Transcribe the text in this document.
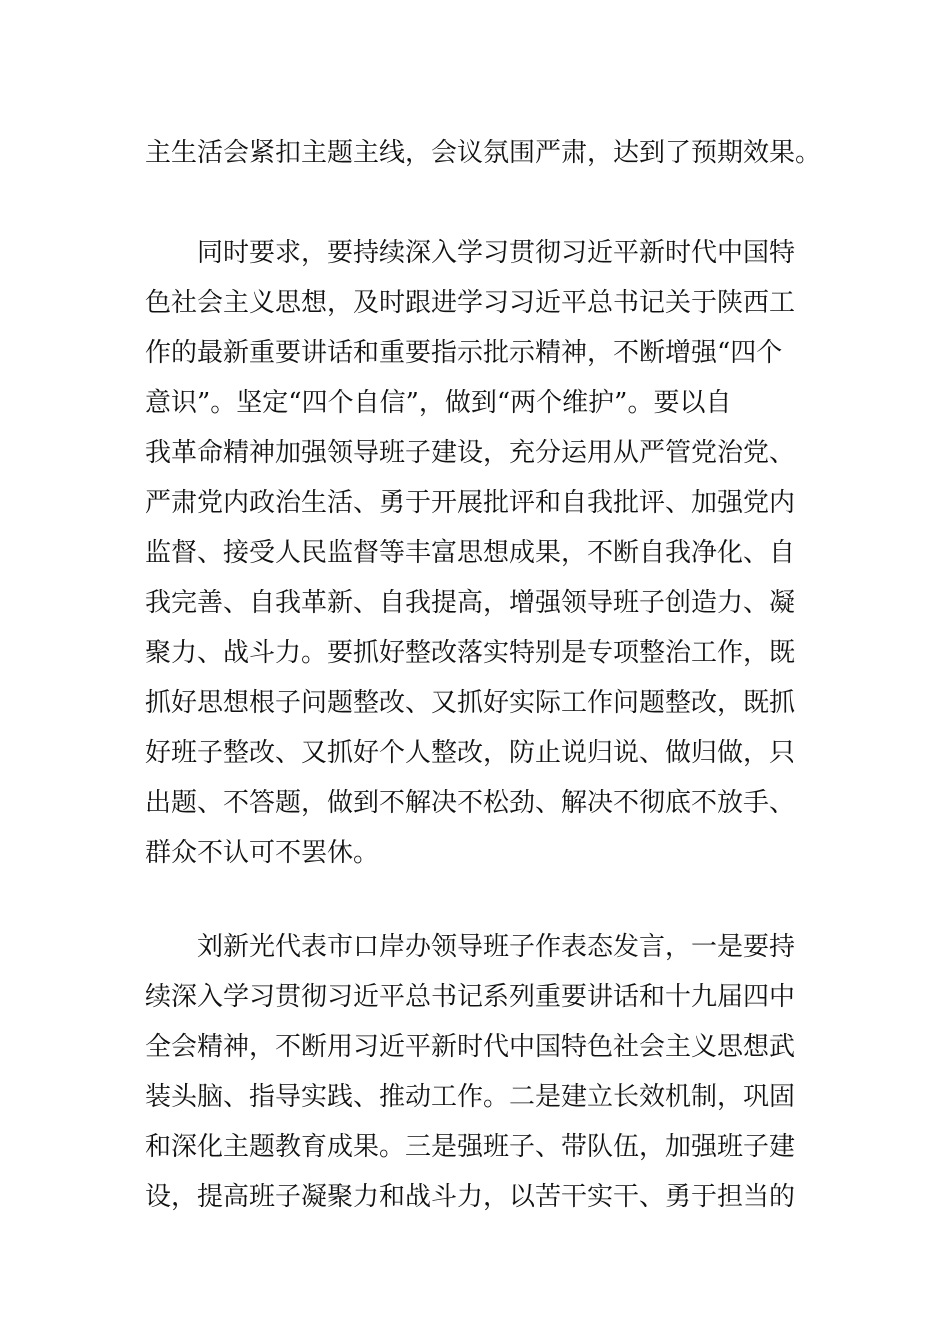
主生活会紧扣主题主线，会议氛围严肃，达到了预期效果。
同时要求，要持续深入学习贯彻习近平新时代中国特
色社会主义思想，及时跟进学习习近平总书记关于陕西工
作的最新重要讲话和重要指示批示精神，不断增强“四个
意识”。坚定“四个自信”，做到“两个维护”。要以自
我革命精神加强领导班子建设，充分运用从严管党治党、
严肃党内政治生活、勇于开展批评和自我批评、加强党内
监督、接受人民监督等丰富思想成果，不断自我净化、自
我完善、自我革新、自我提高，增强领导班子创造力、凝
聚力、战斗力。要抓好整改落实特别是专项整治工作，既
抓好思想根子问题整改、又抓好实际工作问题整改，既抓
好班子整改、又抓好个人整改，防止说归说、做归做，只
出题、不答题，做到不解决不松劲、解决不彻底不放手、
群众不认可不罢休。
刘新光代表市口岸办领导班子作表态发言，一是要持
续深入学习贯彻习近平总书记系列重要讲话和十九届四中
全会精神，不断用习近平新时代中国特色社会主义思想武
装头脑、指导实践、推动工作。二是建立长效机制，巩固
和深化主题教育成果。三是强班子、带队伍，加强班子建
设，提高班子凝聚力和战斗力，以苦干实干、勇于担当的
